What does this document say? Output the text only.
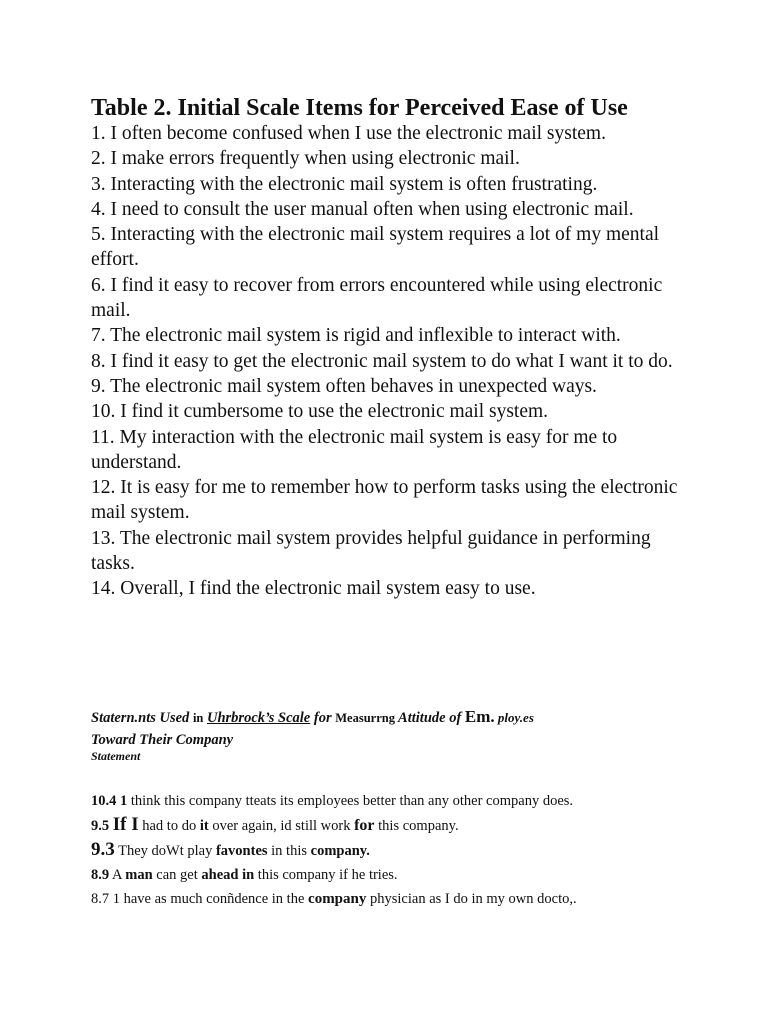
Table 2. Initial Scale Items for Perceived Ease of Use
1. I often become confused when I use the electronic mail system.
2. I make errors frequently when using electronic mail.
3. Interacting with the electronic mail system is often frustrating.
4. I need to consult the user manual often when using electronic mail.
5. Interacting with the electronic mail system requires a lot of my mental effort.
6. I find it easy to recover from errors encountered while using electronic mail.
7. The electronic mail system is rigid and inflexible to interact with.
8. I find it easy to get the electronic mail system to do what I want it to do.
9. The electronic mail system often behaves in unexpected ways.
10. I find it cumbersome to use the electronic mail system.
11. My interaction with the electronic mail system is easy for me to understand.
12. It is easy for me to remember how to perform tasks using the electronic mail system.
13. The electronic mail system provides helpful guidance in performing tasks.
14. Overall, I find the electronic mail system easy to use.
Statern.nts Used in Uhrbrock’s Scale for Measurrng Attitude of Em. ploy.es
Toward Their Company
Statement
10.4 1 think this company tteats its employees better than any other company does.
9.5 If I had to do it over again, id still work for this company.
9.3 They doWt play favontes in this company.
8.9 A man can get ahead in this company if he tries.
8.7 1 have as much conñdence in the company physician as I do in my own docto,.
